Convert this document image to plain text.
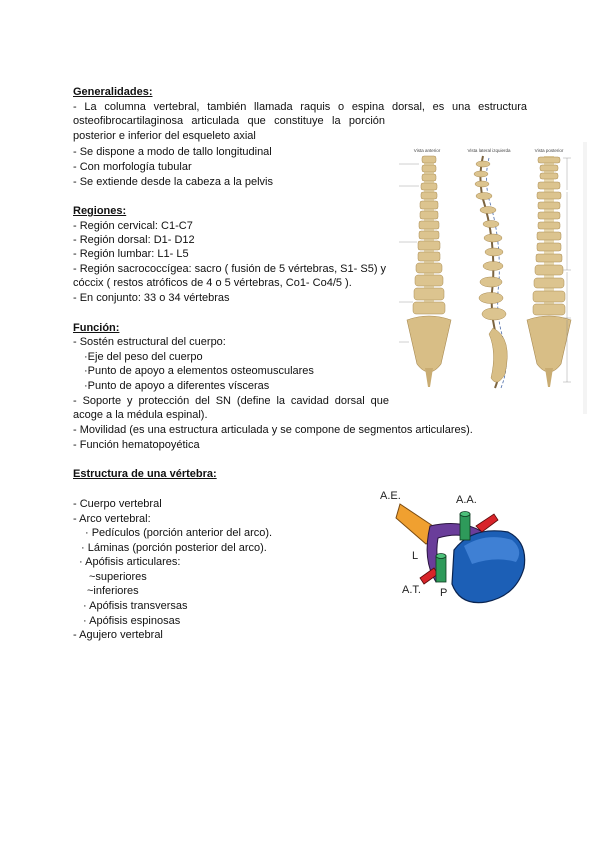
Generalidades:
- La columna vertebral, también llamada raquis o espina dorsal, es una estructura
osteofibrocartilaginosa articulada que constituye la porción
posterior e inferior del esqueleto axial
- Se dispone a modo de tallo longitudinal
- Con morfología tubular
- Se extiende desde la cabeza a la pelvis
Regiones:
- Región cervical: C1-C7
- Región dorsal: D1- D12
- Región lumbar: L1- L5
- Región sacrococcígea: sacro ( fusión de 5 vértebras, S1- S5) y
cóccix ( restos atróficos de 4 o 5 vértebras, Co1- Co4/5 ).
- En conjunto: 33 o 34 vértebras
Función:
- Sostén estructural del cuerpo:
·Eje del peso del cuerpo
·Punto de apoyo a elementos osteomusculares
·Punto de apoyo a diferentes vísceras
- Soporte y protección del SN (define la cavidad dorsal que
acoge a la médula espinal).
- Movilidad (es una estructura articulada y se compone de segmentos articulares).
- Función hematopoyética
Estructura de una vértebra:
- Cuerpo vertebral
- Arco vertebral:
· Pedículos (porción anterior del arco).
· Láminas (porción posterior del arco).
· Apófisis articulares:
~superiores
~inferiores
· Apófisis transversas
· Apófisis espinosas
- Agujero vertebral
Vista anterior	Vista lateral izquierda	Vista posterior
A.E.	A.A.
L
A.T. P
